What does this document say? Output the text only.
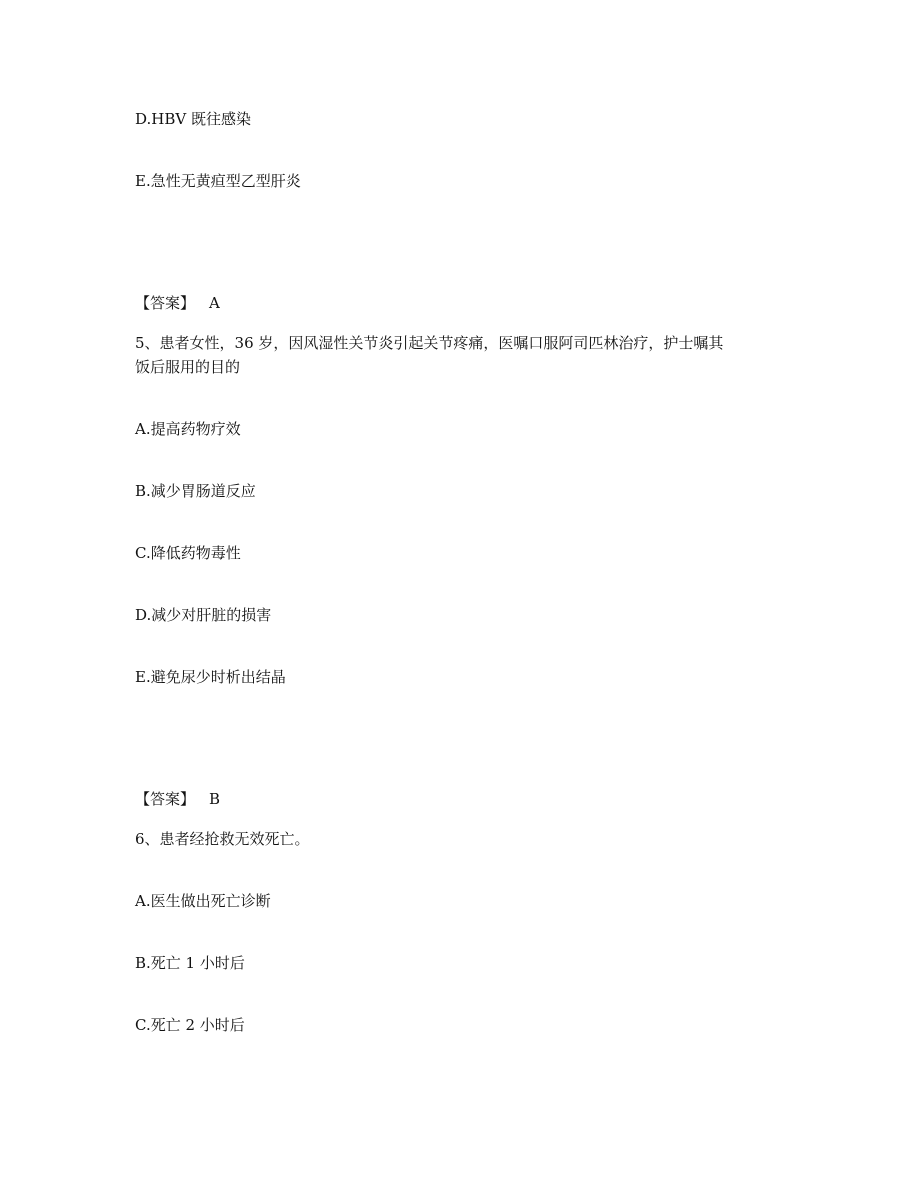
D.HBV 既往感染

E.急性无黄疸型乙型肝炎

【答案】 A

5、患者女性，36 岁，因风湿性关节炎引起关节疼痛，医嘱口服阿司匹林治疗，护士嘱其

饭后服用的目的

A.提高药物疗效

B.减少胃肠道反应

C.降低药物毒性

D.减少对肝脏的损害

E.避免尿少时析出结晶

【答案】 B

6、患者经抢救无效死亡。

A.医生做出死亡诊断

B.死亡 1 小时后

C.死亡 2 小时后
